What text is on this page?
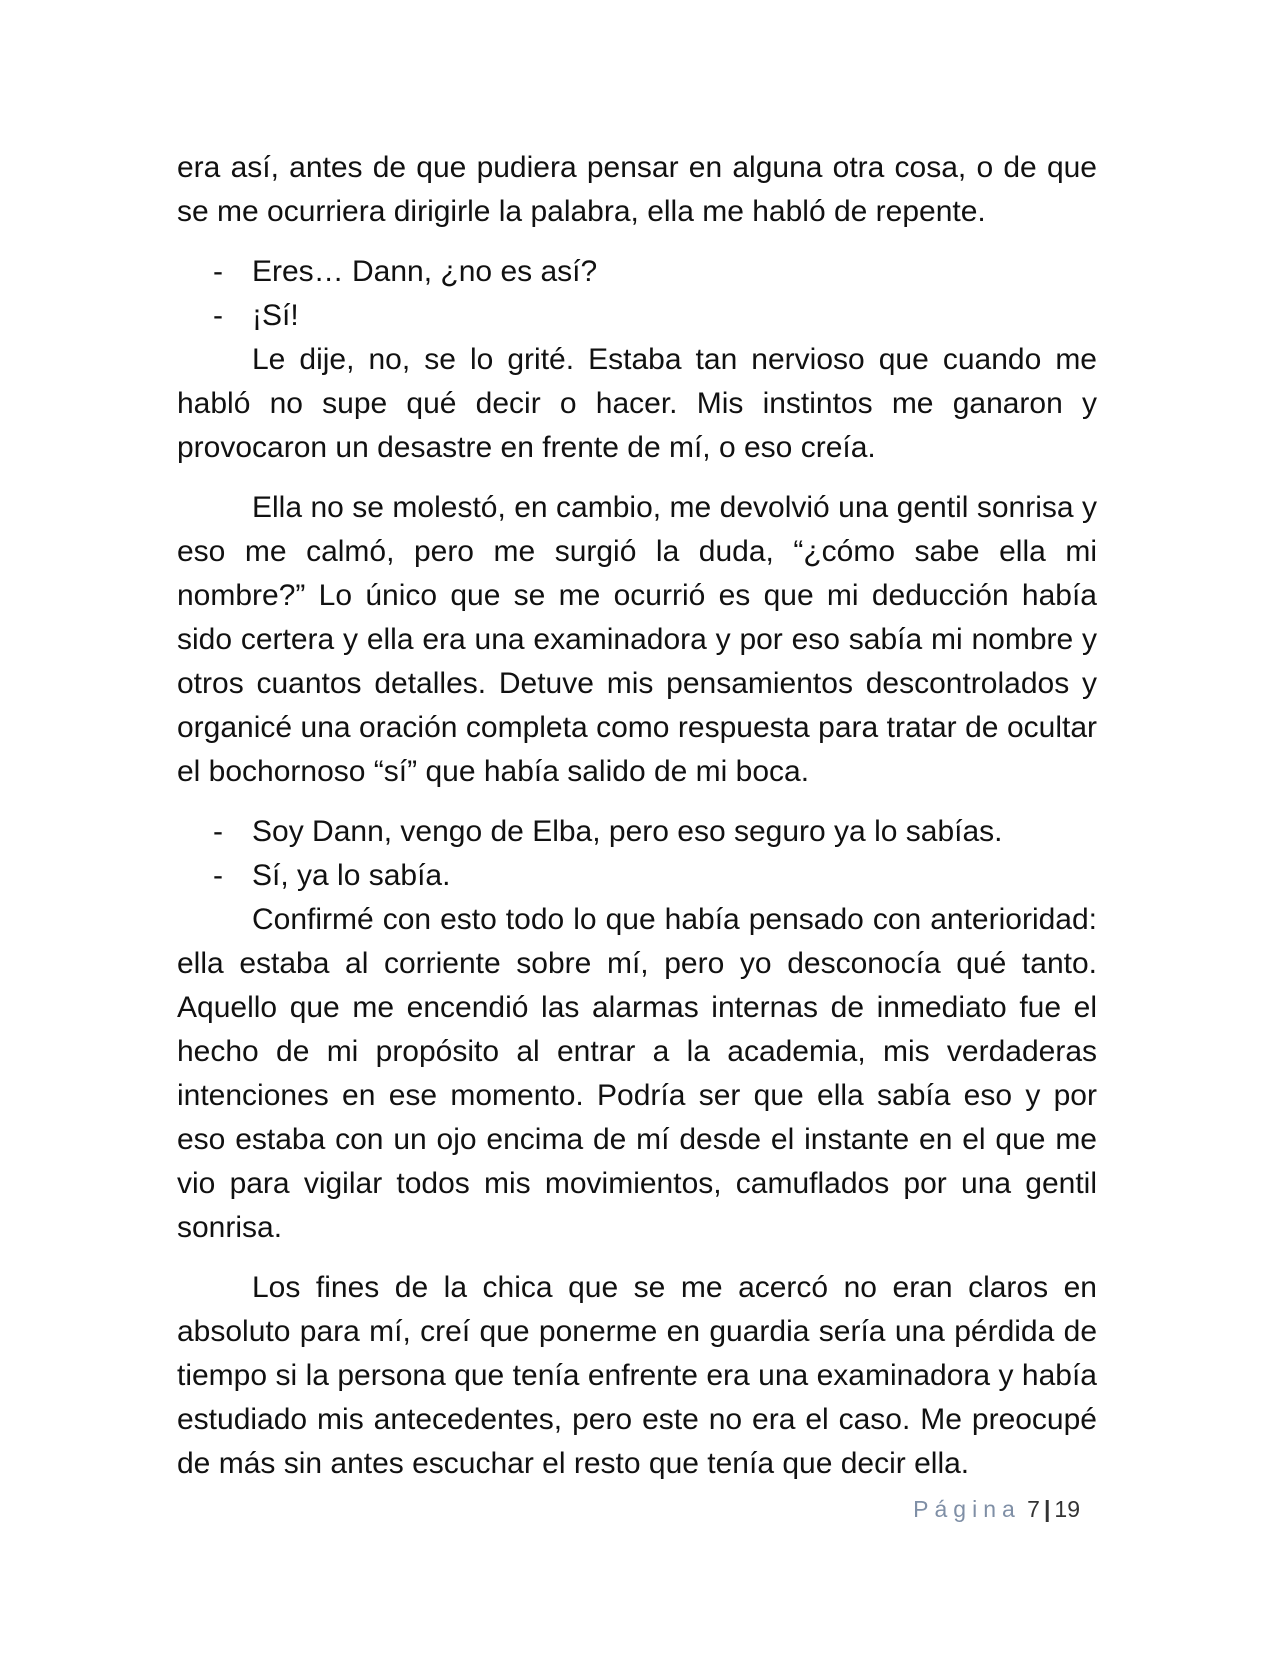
era así, antes de que pudiera pensar en alguna otra cosa, o de que se me ocurriera dirigirle la palabra, ella me habló de repente.

- Eres… Dann, ¿no es así?
- ¡Sí!

Le dije, no, se lo grité. Estaba tan nervioso que cuando me habló no supe qué decir o hacer. Mis instintos me ganaron y provocaron un desastre en frente de mí, o eso creía.

Ella no se molestó, en cambio, me devolvió una gentil sonrisa y eso me calmó, pero me surgió la duda, “¿cómo sabe ella mi nombre?” Lo único que se me ocurrió es que mi deducción había sido certera y ella era una examinadora y por eso sabía mi nombre y otros cuantos detalles. Detuve mis pensamientos descontrolados y organicé una oración completa como respuesta para tratar de ocultar el bochornoso “sí” que había salido de mi boca.

- Soy Dann, vengo de Elba, pero eso seguro ya lo sabías.
- Sí, ya lo sabía.

Confirmé con esto todo lo que había pensado con anterioridad: ella estaba al corriente sobre mí, pero yo desconocía qué tanto. Aquello que me encendió las alarmas internas de inmediato fue el hecho de mi propósito al entrar a la academia, mis verdaderas intenciones en ese momento. Podría ser que ella sabía eso y por eso estaba con un ojo encima de mí desde el instante en el que me vio para vigilar todos mis movimientos, camuflados por una gentil sonrisa.

Los fines de la chica que se me acercó no eran claros en absoluto para mí, creí que ponerme en guardia sería una pérdida de tiempo si la persona que tenía enfrente era una examinadora y había estudiado mis antecedentes, pero este no era el caso. Me preocupé de más sin antes escuchar el resto que tenía que decir ella.

Página 7 | 19
